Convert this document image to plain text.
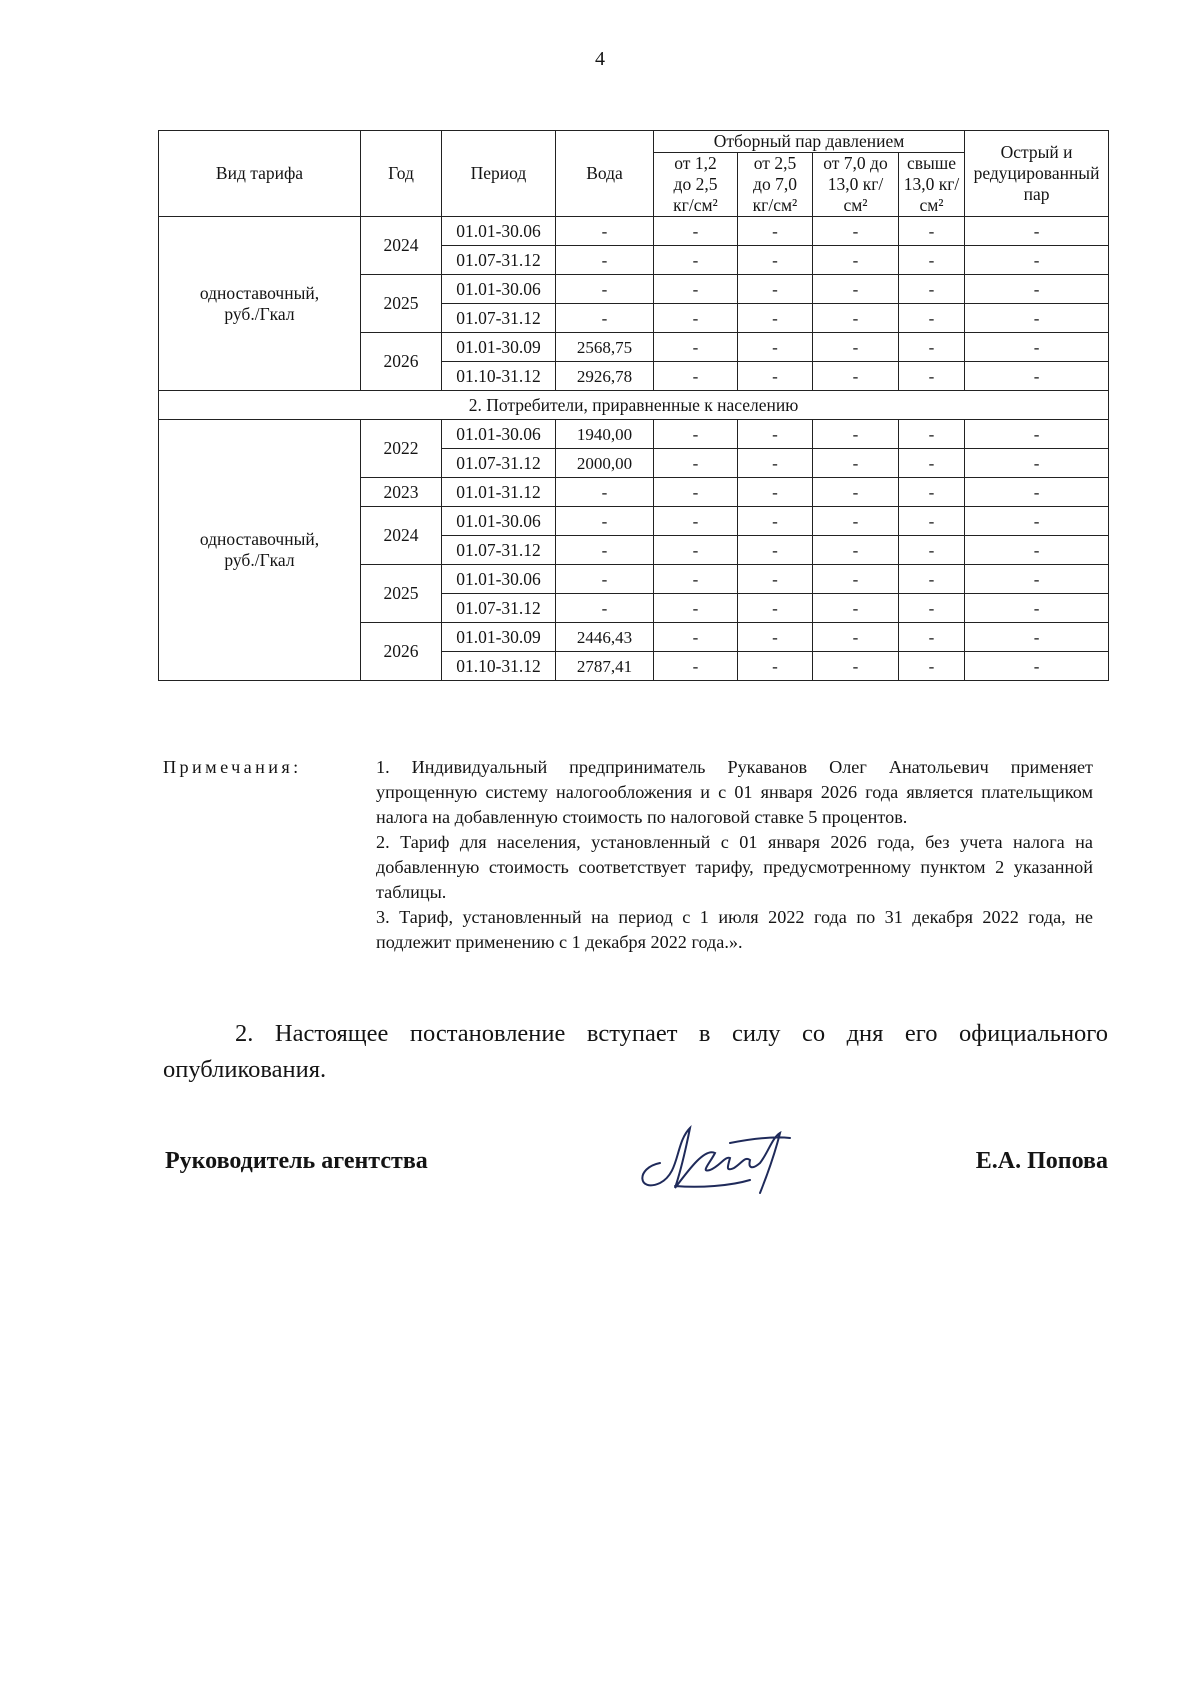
4
Вид тарифа	Год	Период	Вода	Отборный пар давлением				Острый и редуцированный пар
				от 1,2 до 2,5 кг/см²	от 2,5 до 7,0 кг/см²	от 7,0 до 13,0 кг/см²	свыше 13,0 кг/см²	
одноставочный, руб./Гкал	2024	01.01-30.06	-	-	-	-	-	-
		01.07-31.12	-	-	-	-	-	-
	2025	01.01-30.06	-	-	-	-	-	-
		01.07-31.12	-	-	-	-	-	-
	2026	01.01-30.09	2568,75	-	-	-	-	-
		01.10-31.12	2926,78	-	-	-	-	-
2. Потребители, приравненные к населению								
одноставочный, руб./Гкал	2022	01.01-30.06	1940,00	-	-	-	-	-
		01.07-31.12	2000,00	-	-	-	-	-
	2023	01.01-31.12	-	-	-	-	-	-
	2024	01.01-30.06	-	-	-	-	-	-
		01.07-31.12	-	-	-	-	-	-
	2025	01.01-30.06	-	-	-	-	-	-
		01.07-31.12	-	-	-	-	-	-
	2026	01.01-30.09	2446,43	-	-	-	-	-
		01.10-31.12	2787,41	-	-	-	-	-
Примечания:	1. Индивидуальный предприниматель Рукаванов Олег Анатольевич применяет упрощенную систему налогообложения и с 01 января 2026 года является плательщиком налога на добавленную стоимость по налоговой ставке 5 процентов.

2. Тариф для населения, установленный с 01 января 2026 года, без учета налога на добавленную стоимость соответствует тарифу, предусмотренному пунктом 2 указанной таблицы.

3. Тариф, установленный на период с 1 июля 2022 года по 31 декабря 2022 года, не подлежит применению с 1 декабря 2022 года.».

2. Настоящее постановление вступает в силу со дня его официального опубликования.

Руководитель агентства	Е.А. Попова
